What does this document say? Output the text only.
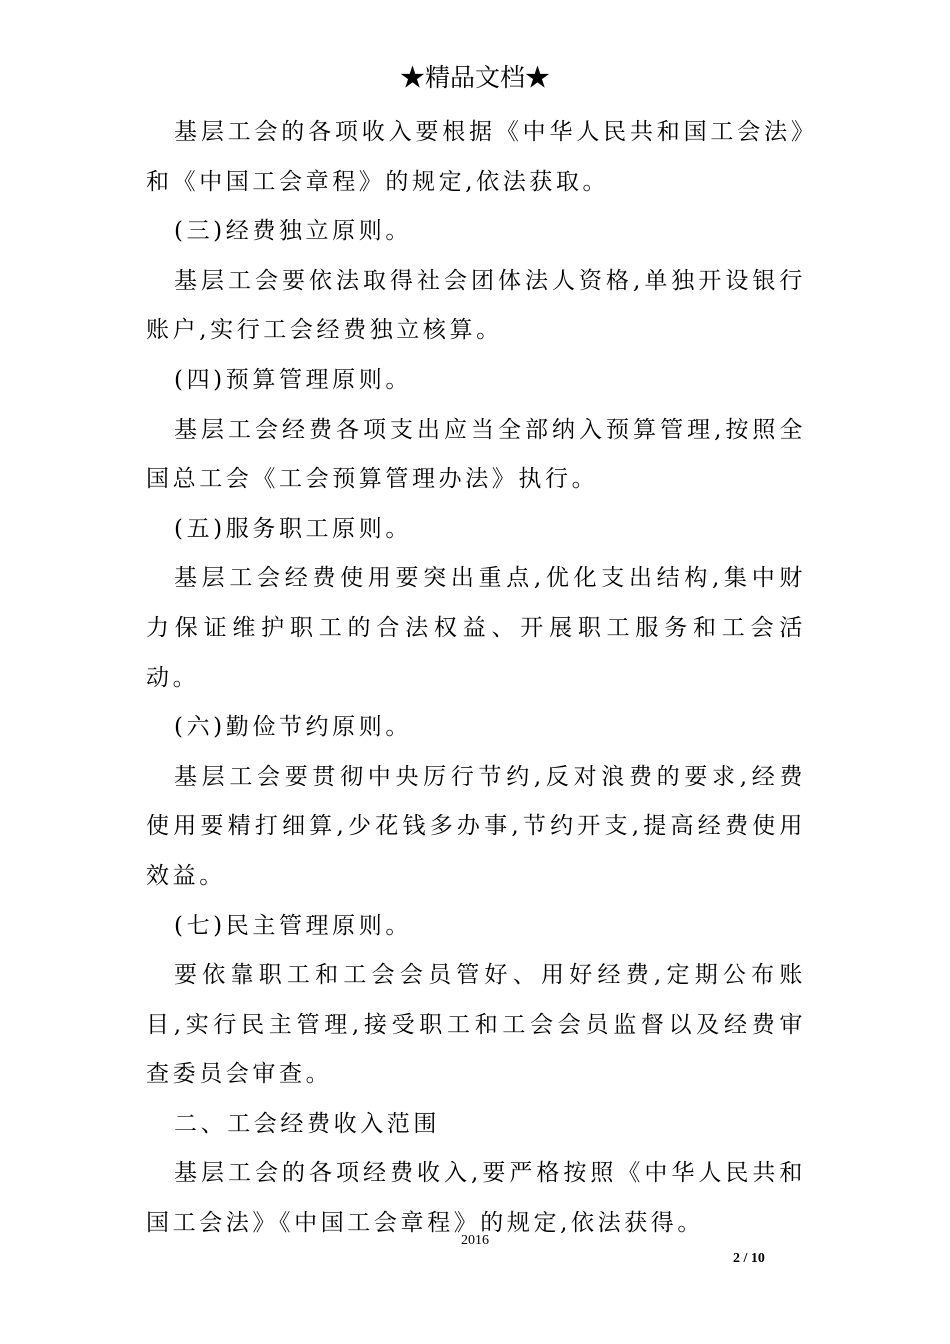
★精品文档★

基层工会的各项收入要根据《中华人民共和国工会法》和《中国工会章程》的规定,依法获取。

(三)经费独立原则。

基层工会要依法取得社会团体法人资格,单独开设银行账户,实行工会经费独立核算。

(四)预算管理原则。

基层工会经费各项支出应当全部纳入预算管理,按照全国总工会《工会预算管理办法》执行。

(五)服务职工原则。

基层工会经费使用要突出重点,优化支出结构,集中财力保证维护职工的合法权益、开展职工服务和工会活动。

(六)勤俭节约原则。

基层工会要贯彻中央厉行节约,反对浪费的要求,经费使用要精打细算,少花钱多办事,节约开支,提高经费使用效益。

(七)民主管理原则。

要依靠职工和工会会员管好、用好经费,定期公布账目,实行民主管理,接受职工和工会会员监督以及经费审查委员会审查。

二、工会经费收入范围

基层工会的各项经费收入,要严格按照《中华人民共和国工会法》《中国工会章程》的规定,依法获得。

2016
2 / 10
